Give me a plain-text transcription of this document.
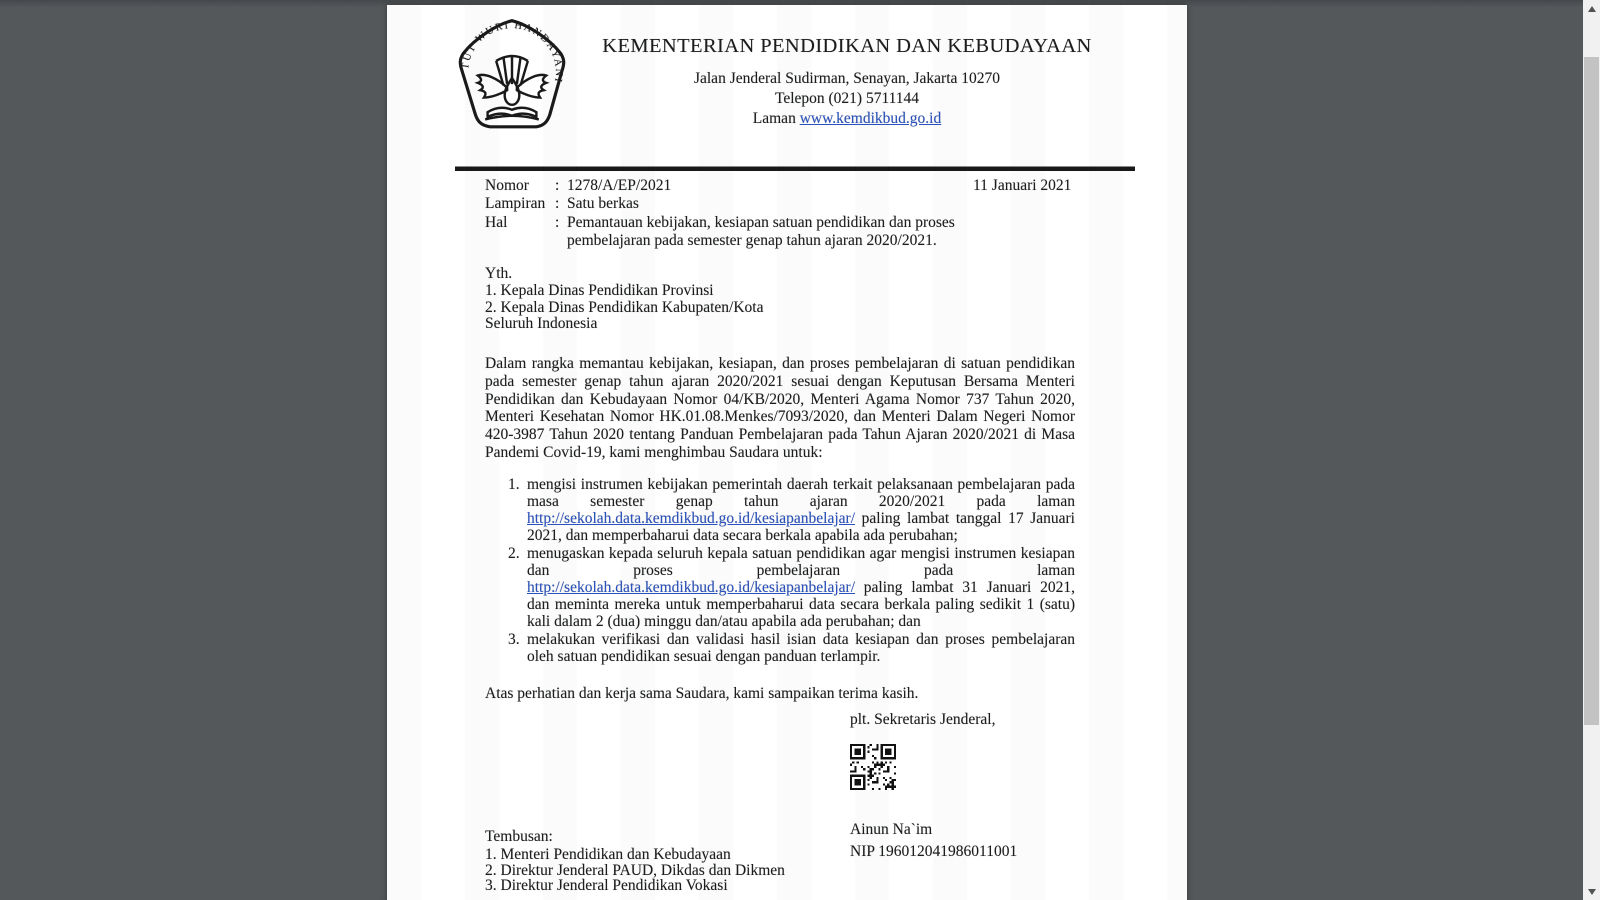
TUT WURI HANDAYANI
KEMENTERIAN PENDIDIKAN DAN KEBUDAYAAN
Jalan Jenderal Sudirman, Senayan, Jakarta 10270
Telepon (021) 5711144
Laman www.kemdikbud.go.id
Nomor	: 1278/A/EP/2021
Lampiran : Satu berkas
Hal	: Pemantauan kebijakan, kesiapan satuan pendidikan dan proses pembelajaran pada semester genap tahun ajaran 2020/2021.
11 Januari 2021
Yth.
1. Kepala Dinas Pendidikan Provinsi
2. Kepala Dinas Pendidikan Kabupaten/Kota
Seluruh Indonesia

Dalam rangka memantau kebijakan, kesiapan, dan proses pembelajaran di satuan pendidikan pada semester genap tahun ajaran 2020/2021 sesuai dengan Keputusan Bersama Menteri Pendidikan dan Kebudayaan Nomor 04/KB/2020, Menteri Agama Nomor 737 Tahun 2020, Menteri Kesehatan Nomor HK.01.08.Menkes/7093/2020, dan Menteri Dalam Negeri Nomor 420-3987 Tahun 2020 tentang Panduan Pembelajaran pada Tahun Ajaran 2020/2021 di Masa Pandemi Covid-19, kami menghimbau Saudara untuk:

1. mengisi instrumen kebijakan pemerintah daerah terkait pelaksanaan pembelajaran pada masa semester genap tahun ajaran 2020/2021 pada laman http://sekolah.data.kemdikbud.go.id/kesiapanbelajar/ paling lambat tanggal 17 Januari 2021, dan memperbaharui data secara berkala apabila ada perubahan;
2. menugaskan kepada seluruh kepala satuan pendidikan agar mengisi instrumen kesiapan dan proses pembelajaran pada laman http://sekolah.data.kemdikbud.go.id/kesiapanbelajar/ paling lambat 31 Januari 2021, dan meminta mereka untuk memperbaharui data secara berkala paling sedikit 1 (satu) kali dalam 2 (dua) minggu dan/atau apabila ada perubahan; dan
3. melakukan verifikasi dan validasi hasil isian data kesiapan dan proses pembelajaran oleh satuan pendidikan sesuai dengan panduan terlampir.
Atas perhatian dan kerja sama Saudara, kami sampaikan terima kasih.
plt. Sekretaris Jenderal,
Ainun Na`im
NIP 196012041986011001
Tembusan:
1. Menteri Pendidikan dan Kebudayaan
2. Direktur Jenderal PAUD, Dikdas dan Dikmen
3. Direktur Jenderal Pendidikan Vokasi
